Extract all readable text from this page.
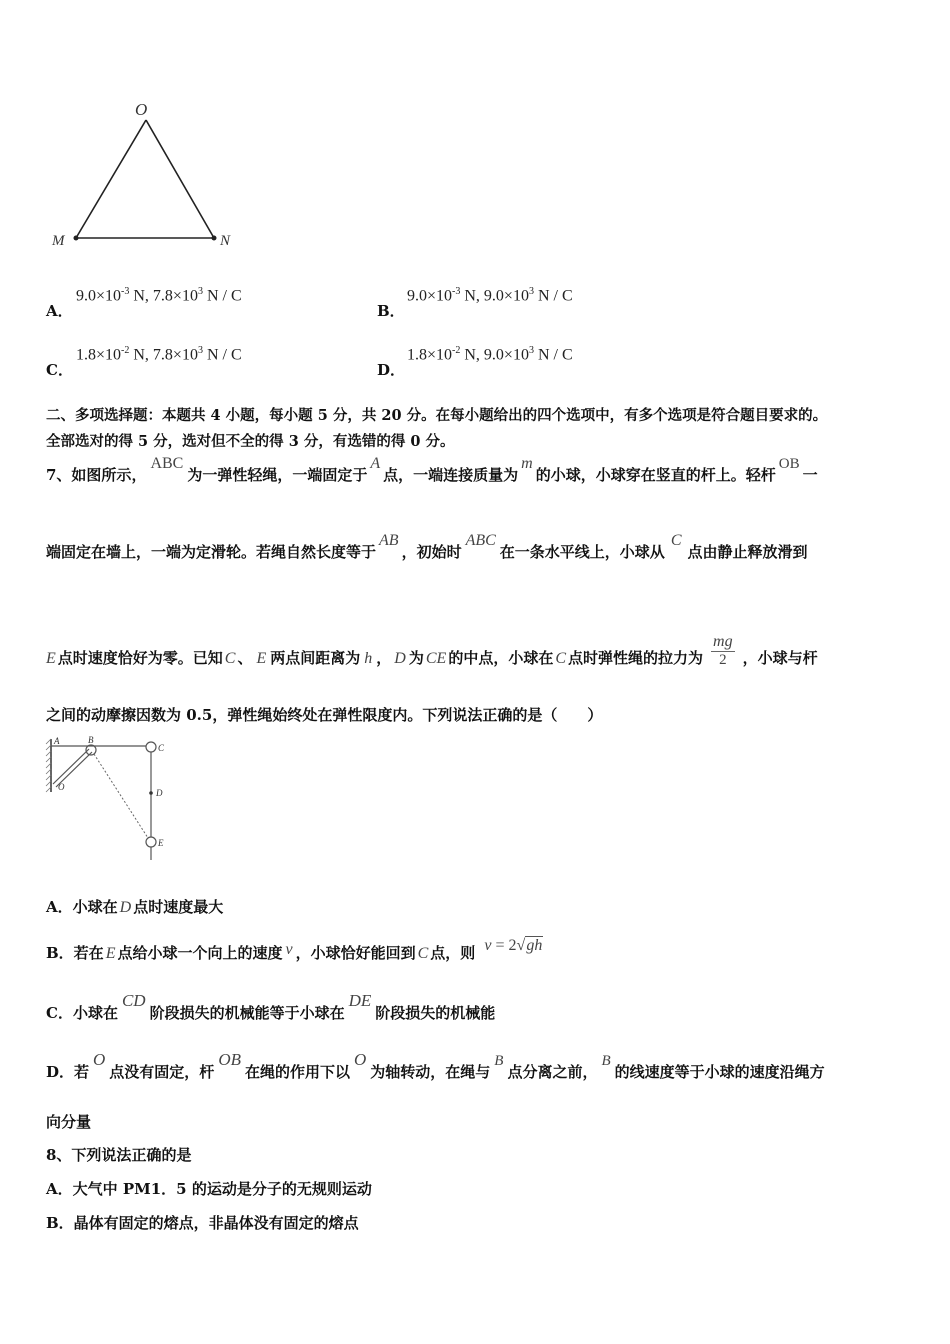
O
M	N
A．
$9.0\times 10^{-3}$ N, $7.8\times 10^3$ N / C
B．
$9.0\times 10^{-3}$ N, $9.0\times 10^3$ N / C
C．
$1.8\times 10^{-2}$ N, $7.8\times 10^3$ N / C
D．
$1.8\times 10^{-2}$ N, $9.0\times 10^3$ N / C
二、多项选择题：本题共 4 小题，每小题 5 分，共 20 分。在每小题给出的四个选项中，有多个选项是符合题目要求的。
全部选对的得 5 分，选对但不全的得 3 分，有选错的得 0 分。
7、如图所示，ABC为一弹性轻绳，一端固定于A点，一端连接质量为m的小球，小球穿在竖直的杆上。轻杆OB一
端固定在墙上，一端为定滑轮。若绳自然长度等于AB，初始时ABC在一条水平线上，小球从C点由静止释放滑到
E 点时速度恰好为零。已知 C 、 E 两点间距离为 h ， D 为 CE 的中点，小球在 C 点时弹性绳的拉力为 $\frac{mg}{2}$ ，小球与杆
之间的动摩擦因数为 0.5，弹性绳始终处在弹性限度内。下列说法正确的是（　　）
A	B
C
D
E
O
A．小球在 D 点时速度最大
B．若在 E 点给小球一个向上的速度 v ，小球恰好能回到 C 点，则 v = 2√gh
C．小球在CD阶段损失的机械能等于小球在DE阶段损失的机械能
D．若O点没有固定，杆OB在绳的作用下以O为轴转动，在绳与B点分离之前，B的线速度等于小球的速度沿绳方
向分量
8、下列说法正确的是
A．大气中 PM1．5 的运动是分子的无规则运动
B．晶体有固定的熔点，非晶体没有固定的熔点
